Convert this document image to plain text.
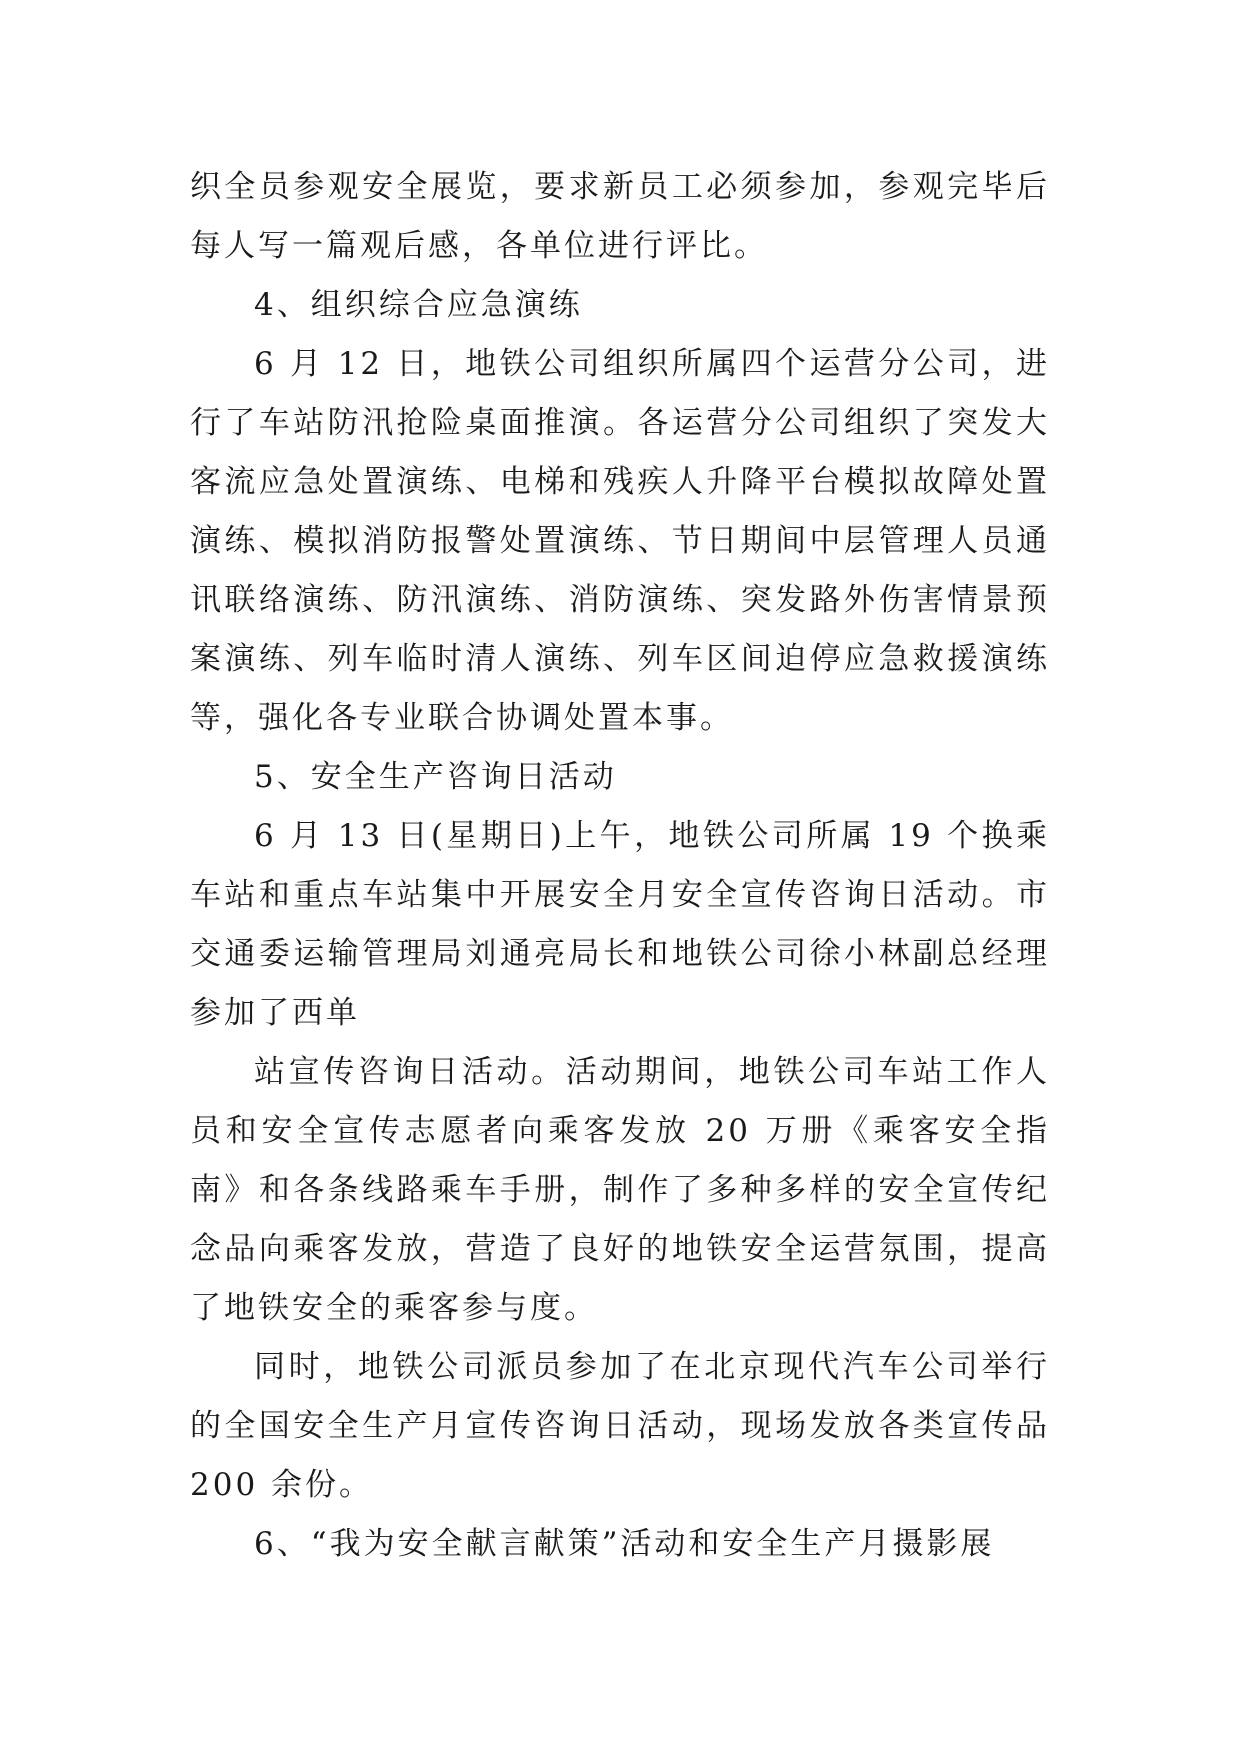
织全员参观安全展览，要求新员工必须参加，参观完毕后每人写一篇观后感，各单位进行评比。

4、组织综合应急演练

6 月 12 日，地铁公司组织所属四个运营分公司，进行了车站防汛抢险桌面推演。各运营分公司组织了突发大客流应急处置演练、电梯和残疾人升降平台模拟故障处置演练、模拟消防报警处置演练、节日期间中层管理人员通讯联络演练、防汛演练、消防演练、突发路外伤害情景预案演练、列车临时清人演练、列车区间迫停应急救援演练等，强化各专业联合协调处置本事。

5、安全生产咨询日活动

6 月 13 日(星期日)上午，地铁公司所属 19 个换乘车站和重点车站集中开展安全月安全宣传咨询日活动。市交通委运输管理局刘通亮局长和地铁公司徐小林副总经理参加了西单

站宣传咨询日活动。活动期间，地铁公司车站工作人员和安全宣传志愿者向乘客发放 20 万册《乘客安全指南》和各条线路乘车手册，制作了多种多样的安全宣传纪念品向乘客发放，营造了良好的地铁安全运营氛围，提高了地铁安全的乘客参与度。

同时，地铁公司派员参加了在北京现代汽车公司举行的全国安全生产月宣传咨询日活动，现场发放各类宣传品 200 余份。

6、“我为安全献言献策”活动和安全生产月摄影展
